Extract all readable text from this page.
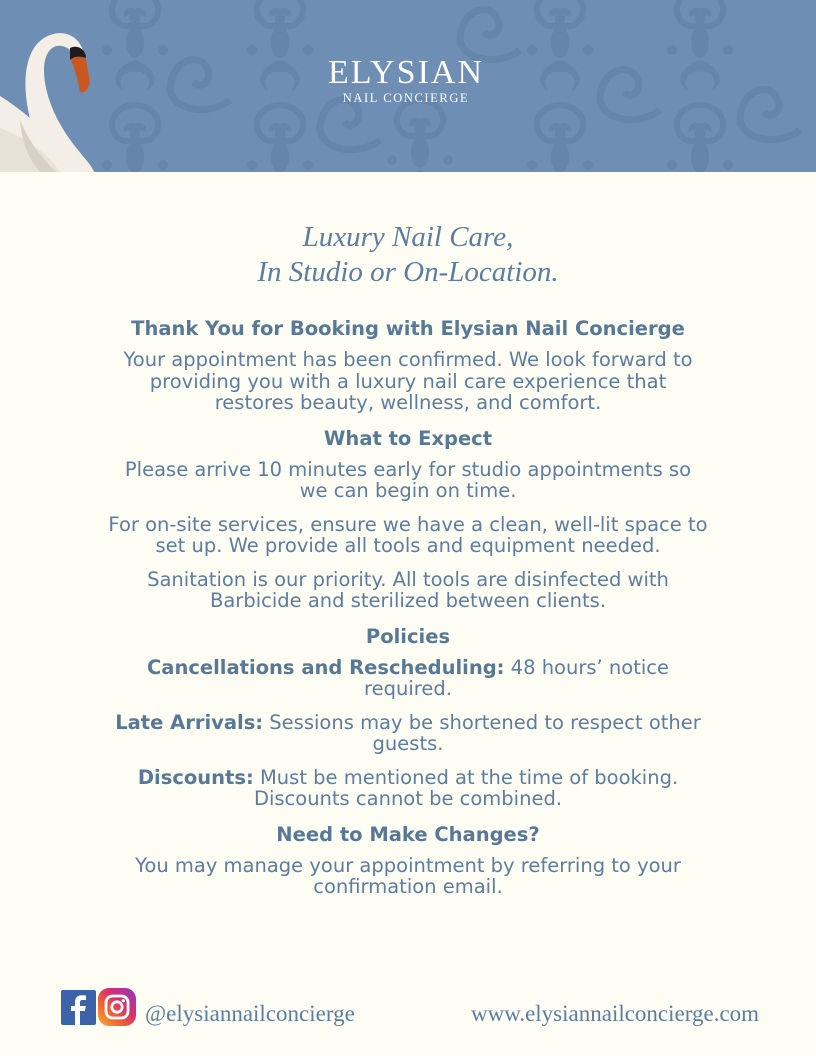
ELYSIAN
NAIL CONCIERGE
Luxury Nail Care,
In Studio or On-Location.
Thank You for Booking with Elysian Nail Concierge

Your appointment has been confirmed. We look forward to providing you with a luxury nail care experience that restores beauty, wellness, and comfort.

What to Expect

Please arrive 10 minutes early for studio appointments so we can begin on time.

For on-site services, ensure we have a clean, well-lit space to set up. We provide all tools and equipment needed.

Sanitation is our priority. All tools are disinfected with Barbicide and sterilized between clients.

Policies

Cancellations and Rescheduling: 48 hours’ notice required.

Late Arrivals: Sessions may be shortened to respect other guests.

Discounts: Must be mentioned at the time of booking. Discounts cannot be combined.

Need to Make Changes?

You may manage your appointment by referring to your confirmation email.

@elysiannailconcierge	www.elysiannailconcierge.com
